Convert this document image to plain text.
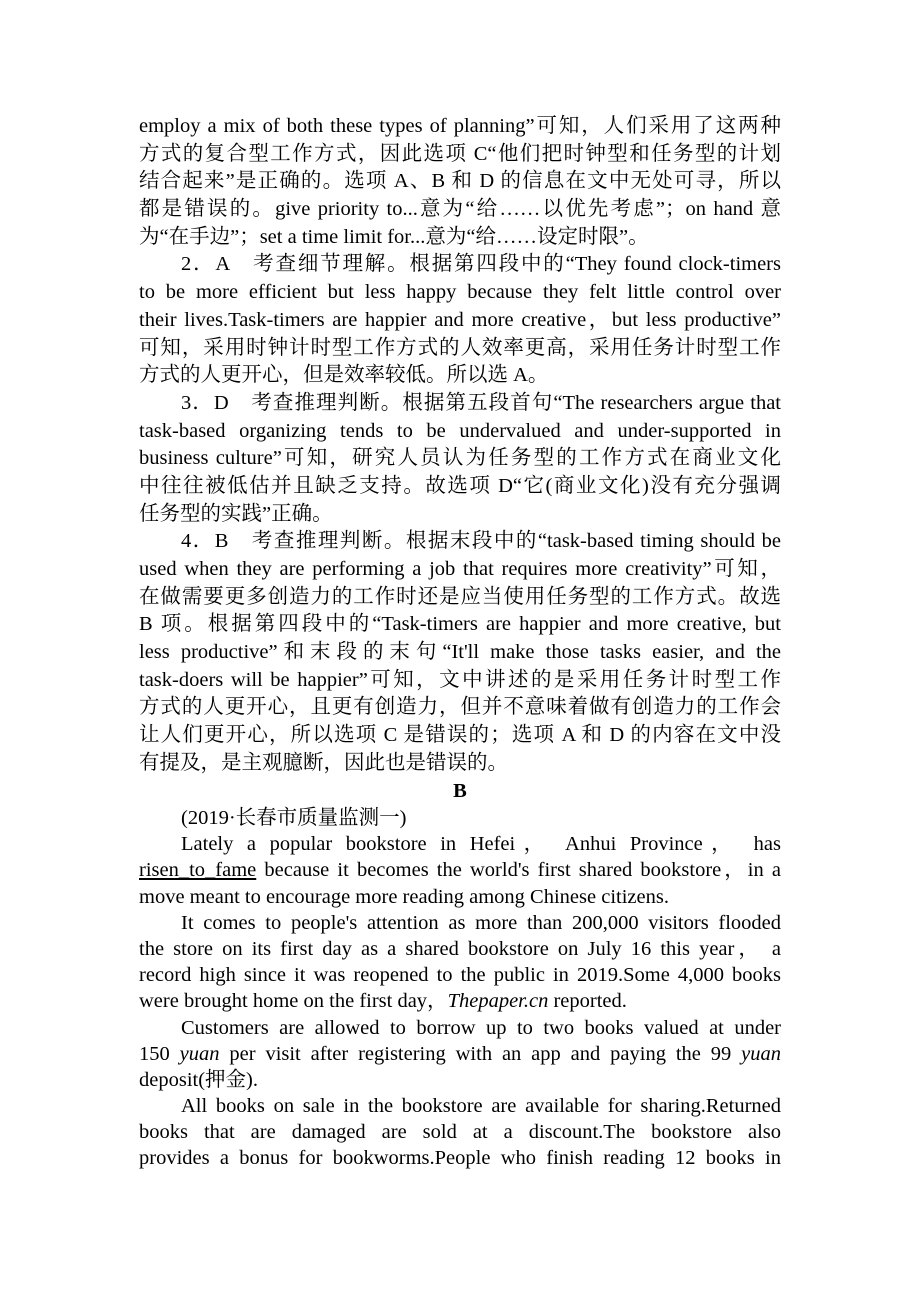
employ a mix of both these types of planning”可知，人们采用了这两种
方式的复合型工作方式，因此选项 C“他们把时钟型和任务型的计划
结合起来”是正确的。选项 A、B 和 D 的信息在文中无处可寻，所以
都是错误的。give priority to...意为“给……以优先考虑”；on hand 意
为“在手边”；set a time limit for...意为“给……设定时限”。
2．A　考查细节理解。根据第四段中的“They found clock-timers
to be more efficient but less happy because they felt little control over
their lives.Task-timers are happier and more creative，but less productive”
可知，采用时钟计时型工作方式的人效率更高，采用任务计时型工作
方式的人更开心，但是效率较低。所以选 A。
3．D　考查推理判断。根据第五段首句“The researchers argue that
task-based organizing tends to be undervalued and under-supported in
business culture”可知，研究人员认为任务型的工作方式在商业文化
中往往被低估并且缺乏支持。故选项 D“它(商业文化)没有充分强调
任务型的实践”正确。
4．B　考查推理判断。根据末段中的“task-based timing should be
used when they are performing a job that requires more creativity”可知，
在做需要更多创造力的工作时还是应当使用任务型的工作方式。故选
B 项。根据第四段中的“Task-timers are happier and more creative, but
less productive”和末段的末句“It'll make those tasks easier, and the
task-doers will be happier”可知，文中讲述的是采用任务计时型工作
方式的人更开心，且更有创造力，但并不意味着做有创造力的工作会
让人们更开心，所以选项 C 是错误的；选项 A 和 D 的内容在文中没
有提及，是主观臆断，因此也是错误的。
B
(2019·长春市质量监测一)
Lately a popular bookstore in Hefei， Anhui Province， has
risen_to_fame because it becomes the world's first shared bookstore，in a
move meant to encourage more reading among Chinese citizens.
It comes to people's attention as more than 200,000 visitors flooded
the store on its first day as a shared bookstore on July 16 this year， a
record high since it was reopened to the public in 2019.Some 4,000 books
were brought home on the first day，Thepaper.cn reported.
Customers are allowed to borrow up to two books valued at under
150 yuan per visit after registering with an app and paying the 99 yuan
deposit(押金).
All books on sale in the bookstore are available for sharing.Returned
books that are damaged are sold at a discount.The bookstore also
provides a bonus for bookworms.People who finish reading 12 books in
